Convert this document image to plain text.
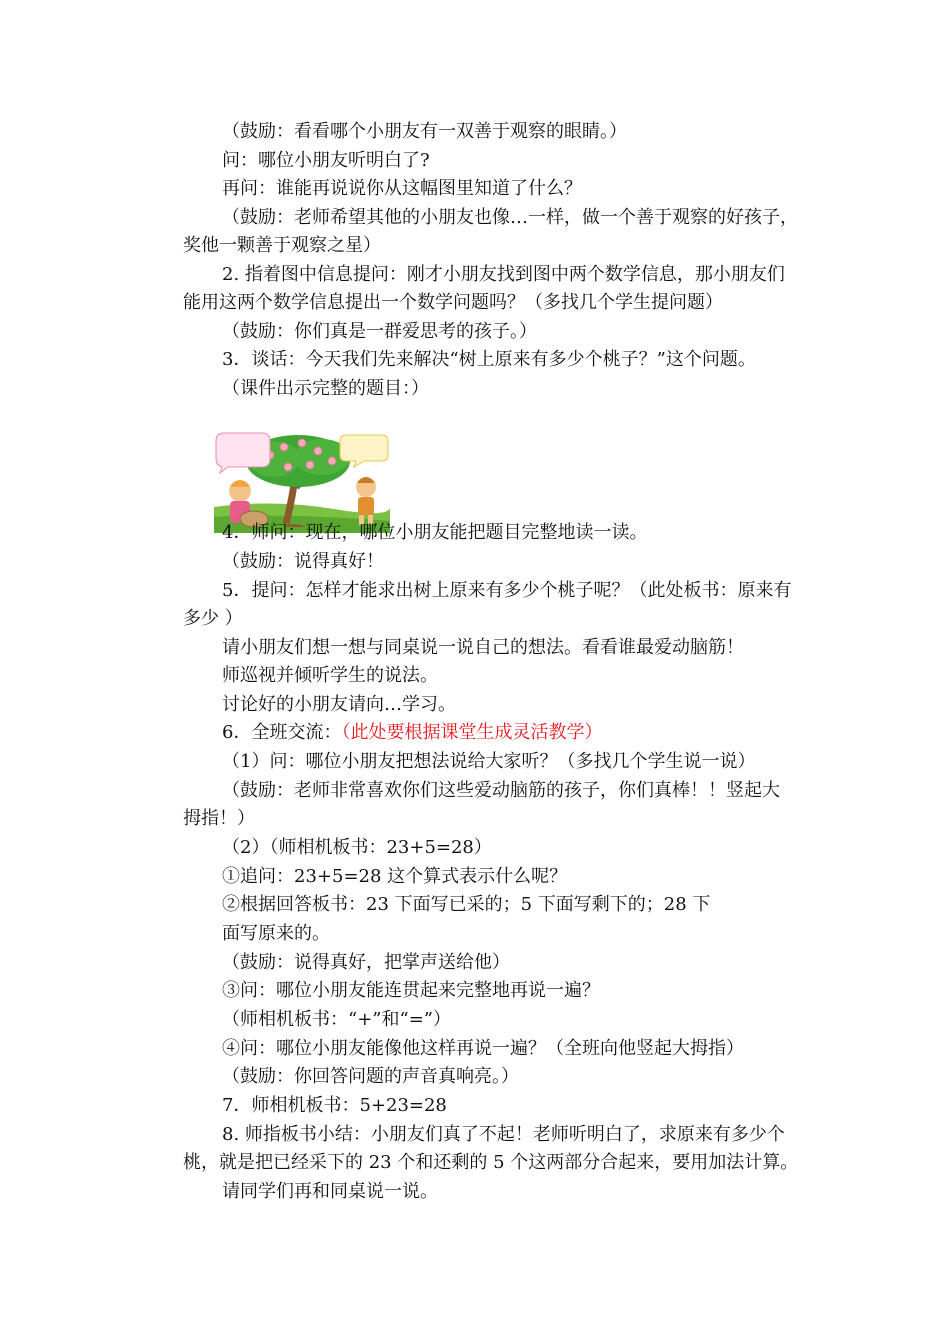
（鼓励：看看哪个小朋友有一双善于观察的眼睛。）
问：哪位小朋友听明白了?
再问：谁能再说说你从这幅图里知道了什么？
（鼓励：老师希望其他的小朋友也像…一样，做一个善于观察的好孩子，
奖他一颗善于观察之星）
2. 指着图中信息提问：刚才小朋友找到图中两个数学信息，那小朋友们
能用这两个数学信息提出一个数学问题吗？（多找几个学生提问题）
（鼓励：你们真是一群爱思考的孩子。）
3．谈话：今天我们先来解决“树上原来有多少个桃子？”这个问题。
（课件出示完整的题目：）
4．师问：现在，哪位小朋友能把题目完整地读一读。
（鼓励：说得真好！
5．提问：怎样才能求出树上原来有多少个桃子呢？（此处板书：原来有
多少 ）
请小朋友们想一想与同桌说一说自己的想法。看看谁最爱动脑筋！
师巡视并倾听学生的说法。
讨论好的小朋友请向…学习。
6．全班交流：（此处要根据课堂生成灵活教学）
（1）问：哪位小朋友把想法说给大家听？（多找几个学生说一说）
（鼓励：老师非常喜欢你们这些爱动脑筋的孩子，你们真棒！！竖起大
拇指！）
（2）（师相机板书：23+5=28）
①追问：23+5=28 这个算式表示什么呢？
②根据回答板书：23 下面写已采的；5 下面写剩下的；28 下
面写原来的。
（鼓励：说得真好，把掌声送给他）
③问：哪位小朋友能连贯起来完整地再说一遍？
（师相机板书：“+”和“=”）
④问：哪位小朋友能像他这样再说一遍？（全班向他竖起大拇指）
（鼓励：你回答问题的声音真响亮。）
7．师相机板书：5+23=28
8. 师指板书小结：小朋友们真了不起！老师听明白了，求原来有多少个
桃，就是把已经采下的 23 个和还剩的 5 个这两部分合起来，要用加法计算。
请同学们再和同桌说一说。
